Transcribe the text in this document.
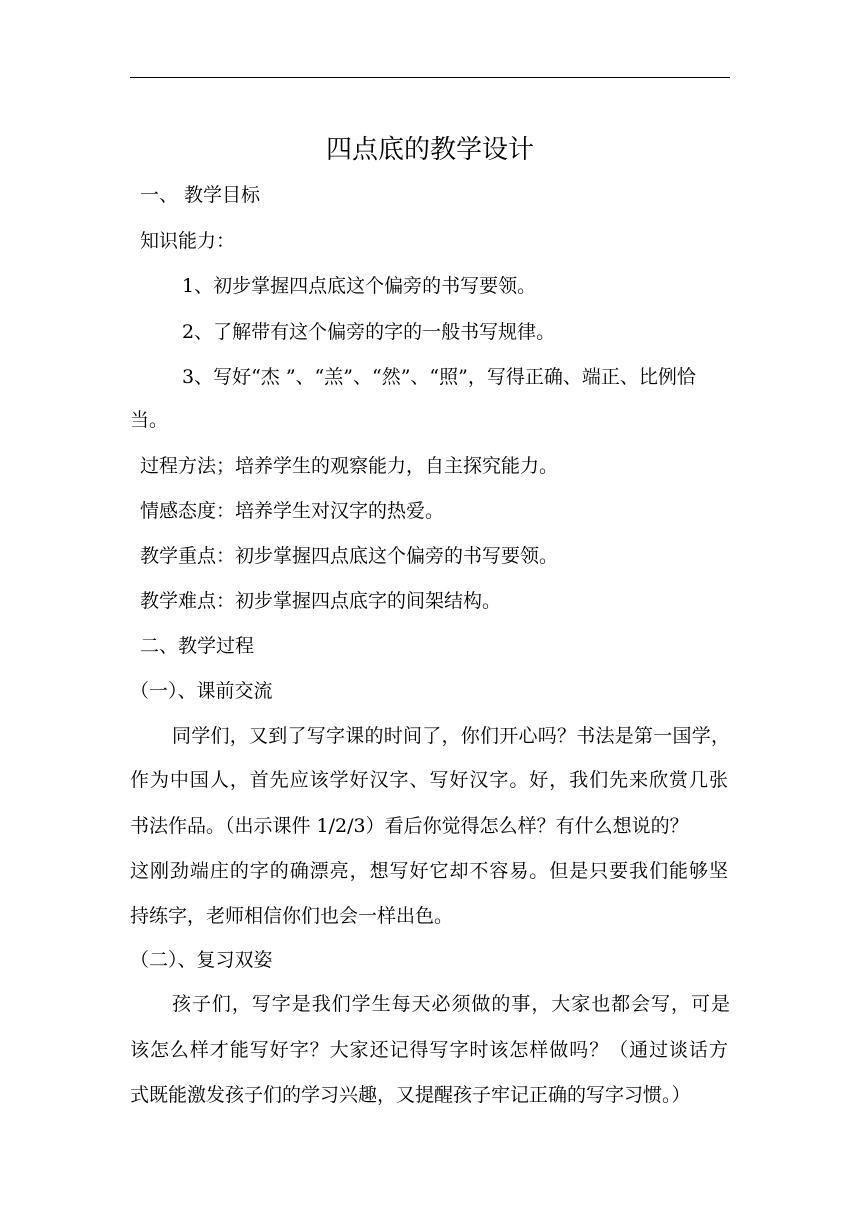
四点底的教学设计
一、 教学目标
知识能力：
1、初步掌握四点底这个偏旁的书写要领。
2、了解带有这个偏旁的字的一般书写规律。
3、写好“杰 ”、“羔”、“然”、“照”，写得正确、端正、比例恰
当。
过程方法；培养学生的观察能力，自主探究能力。
情感态度：培养学生对汉字的热爱。
教学重点：初步掌握四点底这个偏旁的书写要领。
教学难点：初步掌握四点底字的间架结构。
二、教学过程
（一）、课前交流
同学们，又到了写字课的时间了，你们开心吗？书法是第一国学，
作为中国人，首先应该学好汉字、写好汉字。好，我们先来欣赏几张
书法作品。（出示课件 1/2/3）看后你觉得怎么样？有什么想说的？
这刚劲端庄的字的确漂亮，想写好它却不容易。但是只要我们能够坚
持练字，老师相信你们也会一样出色。
（二）、复习双姿
孩子们，写字是我们学生每天必须做的事，大家也都会写，可是
该怎么样才能写好字？大家还记得写字时该怎样做吗？（通过谈话方
式既能激发孩子们的学习兴趣，又提醒孩子牢记正确的写字习惯。）
